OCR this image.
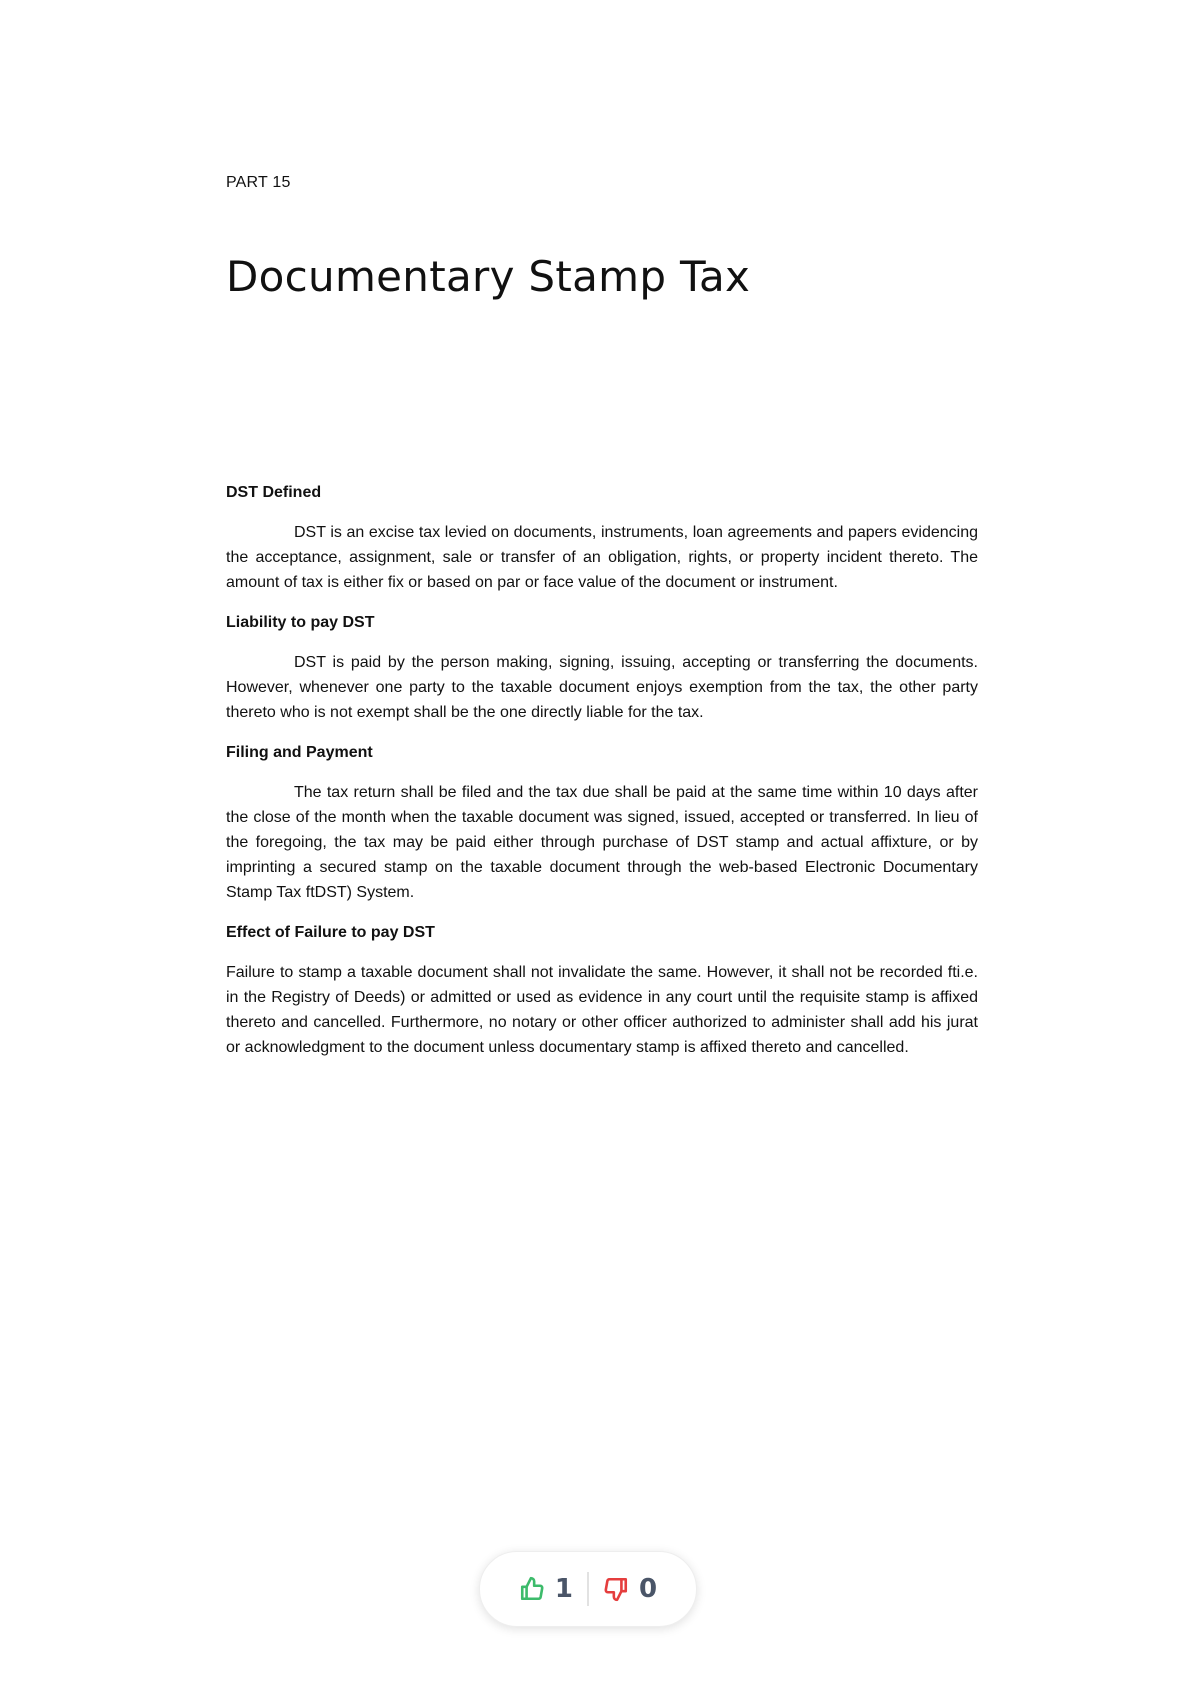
PART 15
Documentary Stamp Tax

DST Defined

DST is an excise tax levied on documents, instruments, loan agreements and papers evidencing the acceptance, assignment, sale or transfer of an obligation, rights, or property incident thereto. The amount of tax is either fix or based on par or face value of the document or instrument.

Liability to pay DST

DST is paid by the person making, signing, issuing, accepting or transferring the documents. However, whenever one party to the taxable document enjoys exemption from the tax, the other party thereto who is not exempt shall be the one directly liable for the tax.

Filing and Payment

The tax return shall be filed and the tax due shall be paid at the same time within 10 days after the close of the month when the taxable document was signed, issued, accepted or transferred. In lieu of the foregoing, the tax may be paid either through purchase of DST stamp and actual affixture, or by imprinting a secured stamp on the taxable document through the web-based Electronic Documentary Stamp Tax ftDST) System.

Effect of Failure to pay DST

Failure to stamp a taxable document shall not invalidate the same. However, it shall not be recorded fti.e. in the Registry of Deeds) or admitted or used as evidence in any court until the requisite stamp is affixed thereto and cancelled. Furthermore, no notary or other officer authorized to administer shall add his jurat or acknowledgment to the document unless documentary stamp is affixed thereto and cancelled.

1	0
